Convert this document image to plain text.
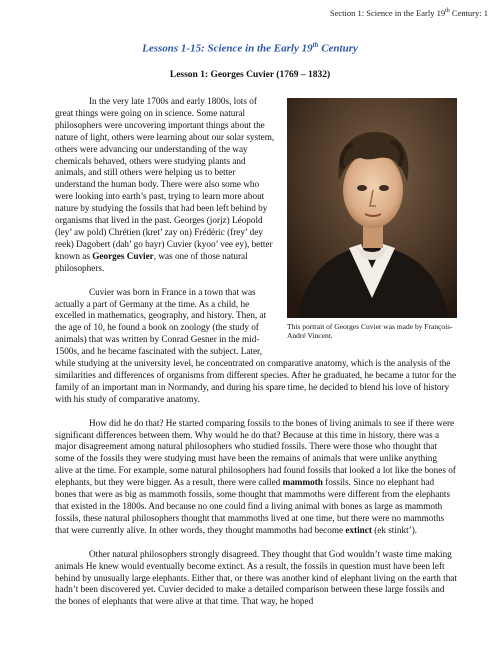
Section 1: Science in the Early 19th Century: 1
Lessons 1-15: Science in the Early 19th Century
Lesson 1: Georges Cuvier (1769 – 1832)
This portrait of Georges Cuvier was made by François-André Vincent.

In the very late 1700s and early 1800s, lots of great things were going on in science. Some natural philosophers were uncovering important things about the nature of light, others were learning about our solar system, others were advancing our understanding of the way chemicals behaved, others were studying plants and animals, and still others were helping us to better understand the human body. There were also some who were looking into earth’s past, trying to learn more about nature by studying the fossils that had been left behind by organisms that lived in the past. Georges (jorjz) Léopold (ley’ aw pold) Chrétien (kret’ zay on) Frédéric (frey’ dey reek) Dagobert (dah’ go bayr) Cuvier (kyoo’ vee ey), better known as Georges Cuvier, was one of those natural philosophers.

Cuvier was born in France in a town that was actually a part of Germany at the time. As a child, he excelled in mathematics, geography, and history. Then, at the age of 10, he found a book on zoology (the study of animals) that was written by Conrad Gesner in the mid-1500s, and he became fascinated with the subject. Later, while studying at the university level, he concentrated on comparative anatomy, which is the analysis of the similarities and differences of organisms from different species. After he graduated, he became a tutor for the family of an important man in Normandy, and during his spare time, he decided to blend his love of history with his study of comparative anatomy.

How did he do that? He started comparing fossils to the bones of living animals to see if there were significant differences between them. Why would he do that? Because at this time in history, there was a major disagreement among natural philosophers who studied fossils. There were those who thought that some of the fossils they were studying must have been the remains of animals that were unlike anything alive at the time. For example, some natural philosophers had found fossils that looked a lot like the bones of elephants, but they were bigger. As a result, there were called mammoth fossils. Since no elephant had bones that were as big as mammoth fossils, some thought that mammoths were different from the elephants that existed in the 1800s. And because no one could find a living animal with bones as large as mammoth fossils, these natural philosophers thought that mammoths lived at one time, but there were no mammoths that were currently alive. In other words, they thought mammoths had become extinct (ek stinkt’).

Other natural philosophers strongly disagreed. They thought that God wouldn’t waste time making animals He knew would eventually become extinct. As a result, the fossils in question must have been left behind by unusually large elephants. Either that, or there was another kind of elephant living on the earth that hadn’t been discovered yet. Cuvier decided to make a detailed comparison between these large fossils and the bones of elephants that were alive at that time. That way, he hoped
